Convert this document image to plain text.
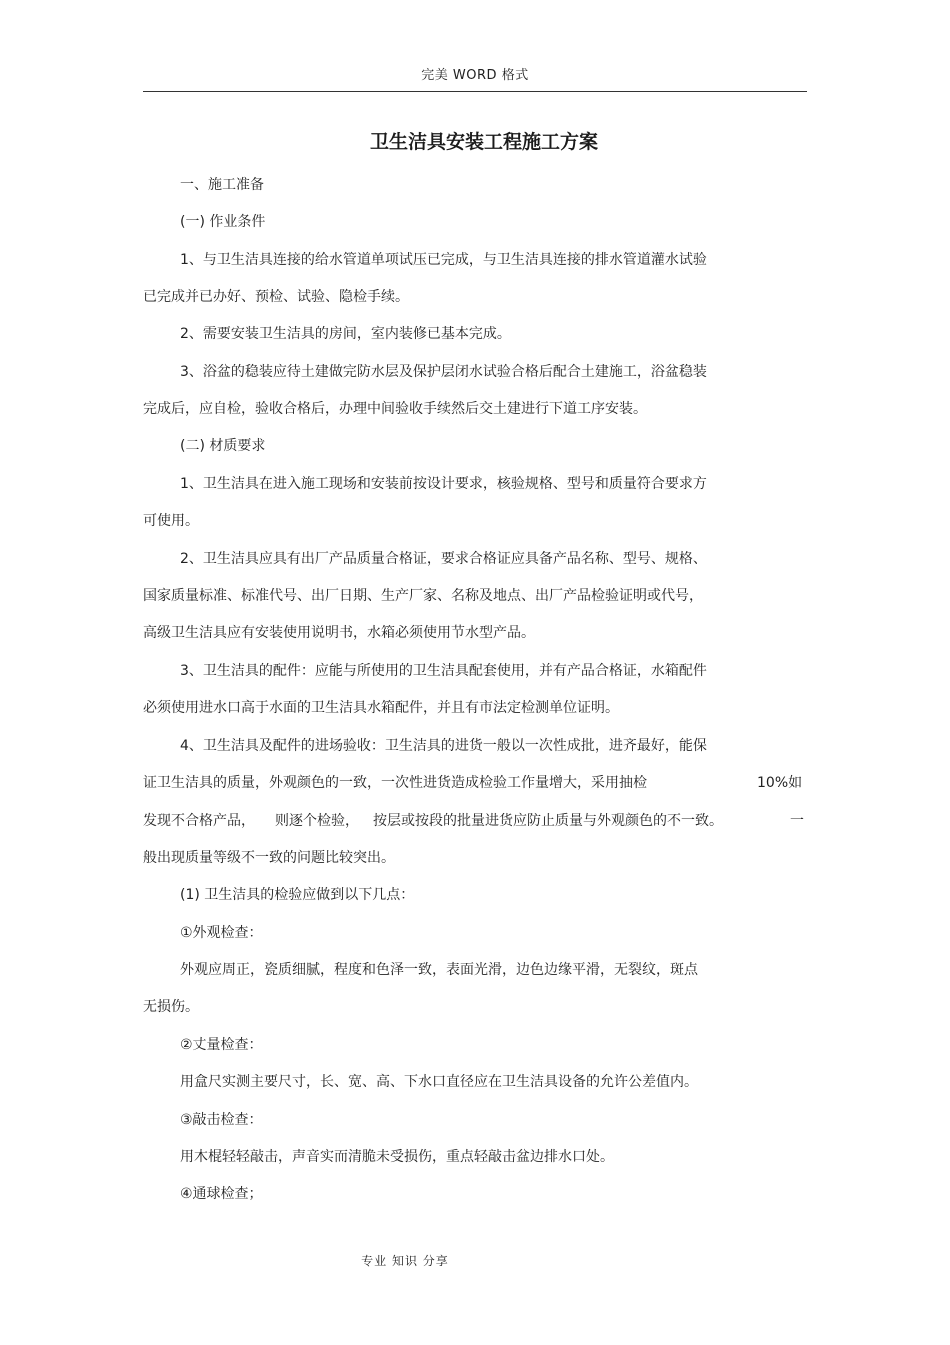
完美 WORD 格式
卫生洁具安装工程施工方案
一、施工准备
(一) 作业条件
1、与卫生洁具连接的给水管道单项试压已完成，与卫生洁具连接的排水管道灌水试验
已完成并已办好、预检、试验、隐检手续。
2、需要安装卫生洁具的房间，室内装修已基本完成。
3、浴盆的稳装应待土建做完防水层及保护层闭水试验合格后配合土建施工，浴盆稳装
完成后，应自检，验收合格后，办理中间验收手续然后交土建进行下道工序安装。
(二) 材质要求
1、卫生洁具在进入施工现场和安装前按设计要求，核验规格、型号和质量符合要求方
可使用。
2、卫生洁具应具有出厂产品质量合格证，要求合格证应具备产品名称、型号、规格、
国家质量标准、标准代号、出厂日期、生产厂家、名称及地点、出厂产品检验证明或代号，
高级卫生洁具应有安装使用说明书，水箱必须使用节水型产品。
3、卫生洁具的配件：应能与所使用的卫生洁具配套使用，并有产品合格证，水箱配件
必须使用进水口高于水面的卫生洁具水箱配件，并且有市法定检测单位证明。
4、卫生洁具及配件的进场验收：卫生洁具的进货一般以一次性成批，进齐最好，能保
证卫生洁具的质量，外观颜色的一致，一次性进货造成检验工作量增大，采用抽检	10%如
发现不合格产品， 则逐个检验， 按层或按段的批量进货应防止质量与外观颜色的不一致。	一
般出现质量等级不一致的问题比较突出。
(1) 卫生洁具的检验应做到以下几点：
①外观检查：
外观应周正，瓷质细腻，程度和色泽一致，表面光滑，边色边缘平滑，无裂纹，斑点
无损伤。
②丈量检查：
用盒尺实测主要尺寸，长、宽、高、下水口直径应在卫生洁具设备的允许公差值内。
③敲击检查：
用木棍轻轻敲击，声音实而清脆未受损伤，重点轻敲击盆边排水口处。
④通球检查；
专业 知识 分享
